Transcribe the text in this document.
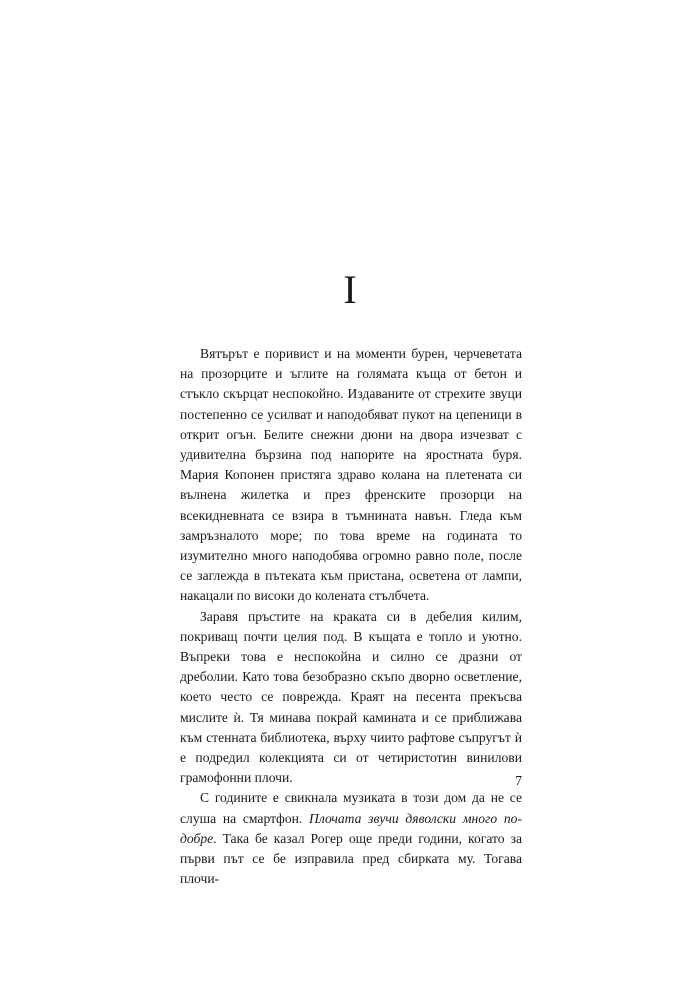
I

Вятърът е поривист и на моменти бурен, черчеветата на прозорците и ъглите на голямата къща от бетон и стъкло скърцат неспокойно. Издаваните от стрехите звуци постепенно се усилват и наподобяват пукот на цепеници в открит огън. Белите снежни дюни на двора изчезват с удивителна бързина под напорите на яростната буря. Мария Копонен пристяга здраво колана на плетената си вълнена жилетка и през френските прозорци на всекидневната се взира в тъмнината навън. Гледа към замръзналото море; по това време на годината то изумително много наподобява огромно равно поле, после се заглежда в пътеката към пристана, осветена от лампи, накацали по високи до колената стълбчета.

Заравя пръстите на краката си в дебелия килим, покриващ почти целия под. В къщата е топло и уютно. Въпреки това е неспокойна и силно се дразни от дреболии. Като това безобразно скъпо дворно осветление, което често се поврежда. Краят на песента прекъсва мислите ѝ. Тя минава покрай камината и се приближава към стенната библиотека, върху чиито рафтове съпругът ѝ е подредил колекцията си от четиристотин винилови грамофонни плочи.

С годините е свикнала музиката в този дом да не се слуша на смартфон. Плочата звучи дяволски много по-добре. Така бе казал Рогер още преди години, когато за първи път се бе изправила пред сбирката му. Тогава плочи-

7
